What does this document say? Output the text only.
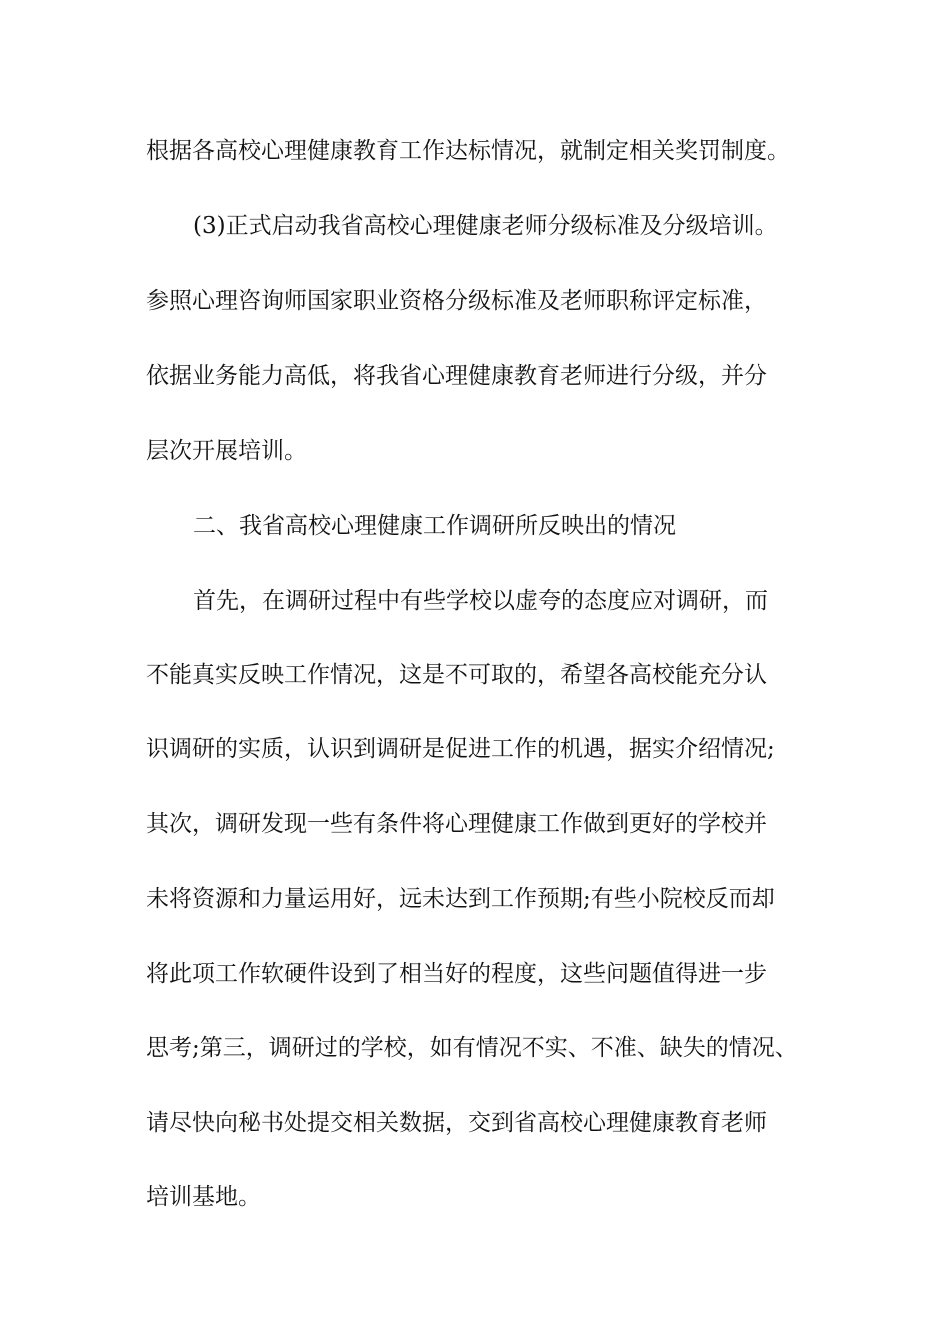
根据各高校心理健康教育工作达标情况，就制定相关奖罚制度。
(3)正式启动我省高校心理健康老师分级标准及分级培训。
参照心理咨询师国家职业资格分级标准及老师职称评定标准，
依据业务能力高低，将我省心理健康教育老师进行分级，并分
层次开展培训。
二、我省高校心理健康工作调研所反映出的情况
首先，在调研过程中有些学校以虚夸的态度应对调研，而
不能真实反映工作情况，这是不可取的，希望各高校能充分认
识调研的实质，认识到调研是促进工作的机遇，据实介绍情况;
其次，调研发现一些有条件将心理健康工作做到更好的学校并
未将资源和力量运用好，远未达到工作预期;有些小院校反而却
将此项工作软硬件设到了相当好的程度，这些问题值得进一步
思考;第三，调研过的学校，如有情况不实、不准、缺失的情况、
请尽快向秘书处提交相关数据，交到省高校心理健康教育老师
培训基地。
